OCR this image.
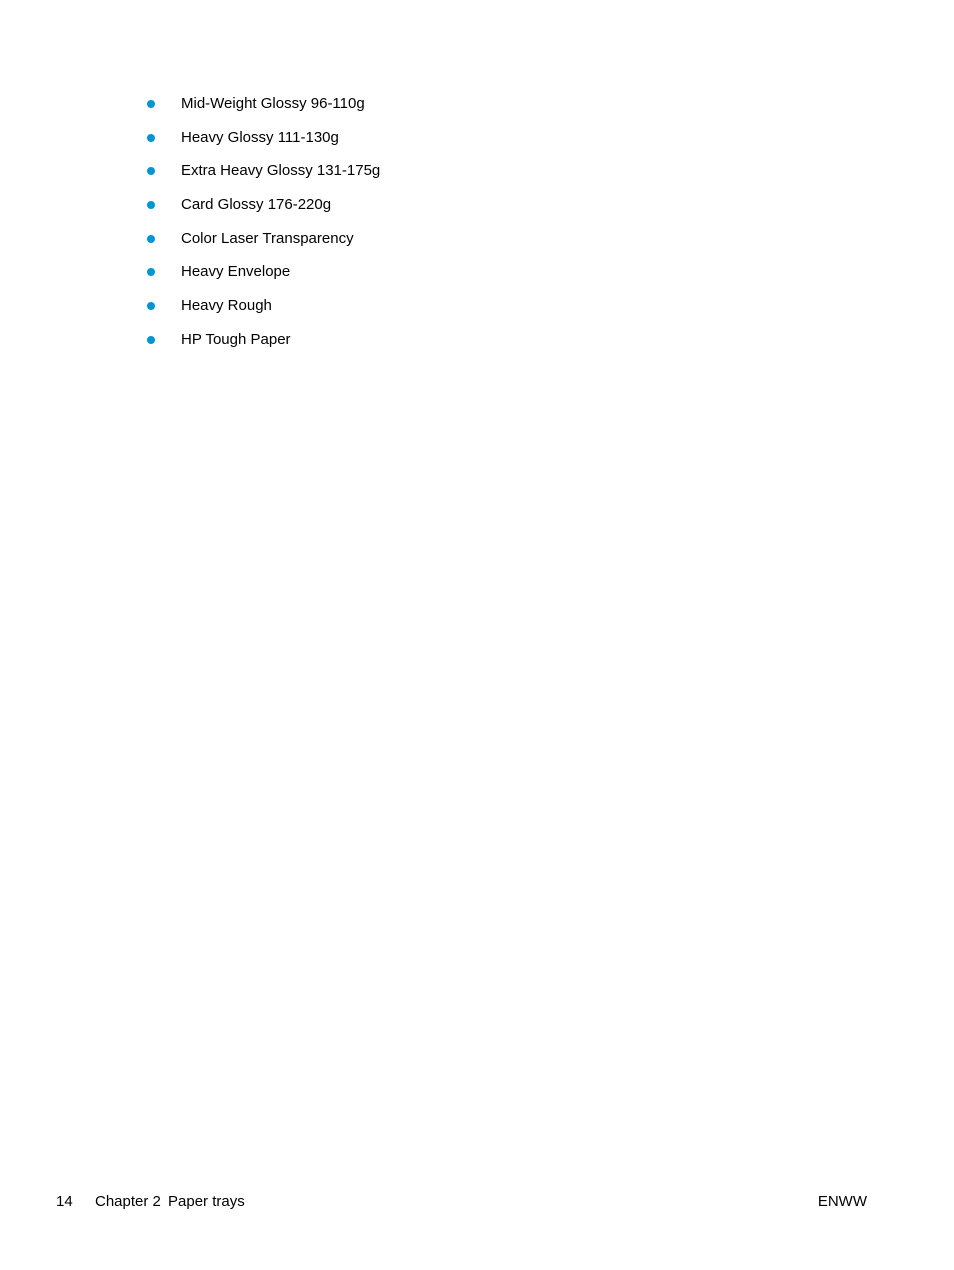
Mid-Weight Glossy 96-110g
Heavy Glossy 111-130g
Extra Heavy Glossy 131-175g
Card Glossy 176-220g
Color Laser Transparency
Heavy Envelope
Heavy Rough
HP Tough Paper
14 Chapter 2 Paper trays	ENWW
